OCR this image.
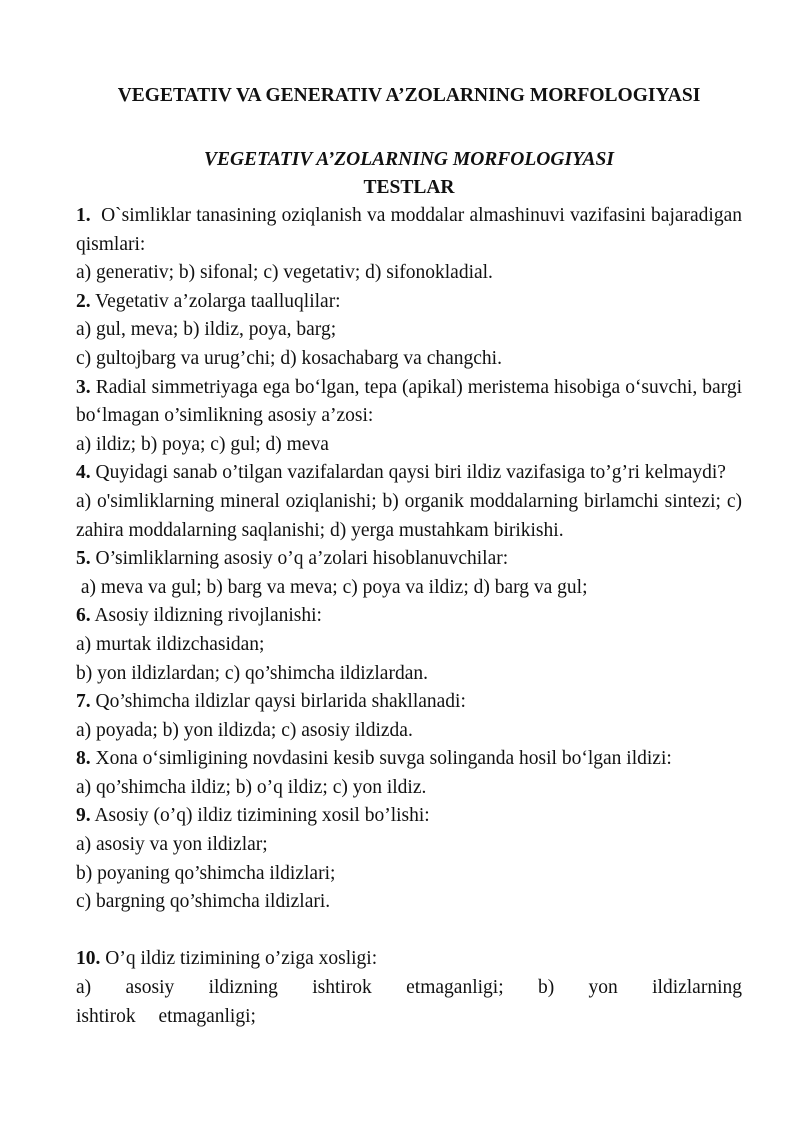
VEGETATIV VA GENERATIV A’ZOLARNING MORFOLOGIYASI

VEGETATIV A’ZOLARNING MORFOLOGIYASI

TESTLAR

1. O`simliklar tanasining oziqlanish va moddalar almashinuvi vazifasini bajaradigan qismlari:

a) generativ; b) sifonal; c) vegetativ; d) sifonokladial.

2. Vegetativ a’zolarga taalluqlilar:

a) gul, meva; b) ildiz, poya, barg;

c) gultojbarg va urug’chi; d) kosachabarg va changchi.

3. Radial simmetriyaga ega bo‘lgan, tepa (apikal) meristema hisobiga o‘suvchi, bargi bo‘lmagan o’simlikning asosiy a’zosi:

a) ildiz; b) poya; c) gul; d) meva

4. Quyidagi sanab o’tilgan vazifalardan qaysi biri ildiz vazifasiga to’g’ri kelmaydi?

a) o'simliklarning mineral oziqlanishi; b) organik moddalarning birlamchi sintezi; c) zahira moddalarning saqlanishi; d) yerga mustahkam birikishi.

5. O’simliklarning asosiy o’q a’zolari hisoblanuvchilar:

a) meva va gul; b) barg va meva; c) poya va ildiz; d) barg va gul;

6. Asosiy ildizning rivojlanishi:

a) murtak ildizchasidan;

b) yon ildizlardan; c) qo’shimcha ildizlardan.

7. Qo’shimcha ildizlar qaysi birlarida shakllanadi:

a) poyada; b) yon ildizda; c) asosiy ildizda.

8. Xona o‘simligining novdasini kesib suvga solinganda hosil bo‘lgan ildizi:

a) qo’shimcha ildiz; b) o’q ildiz; c) yon ildiz.

9. Asosiy (o’q) ildiz tizimining xosil bo’lishi:

a) asosiy va yon ildizlar;

b) poyaning qo’shimcha ildizlari;

c) bargning qo’shimcha ildizlari.

10. O’q ildiz tizimining o’ziga xosligi:

a) asosiy ildizning ishtirok etmaganligi; b) yon ildizlarning ishtirok etmaganligi;
